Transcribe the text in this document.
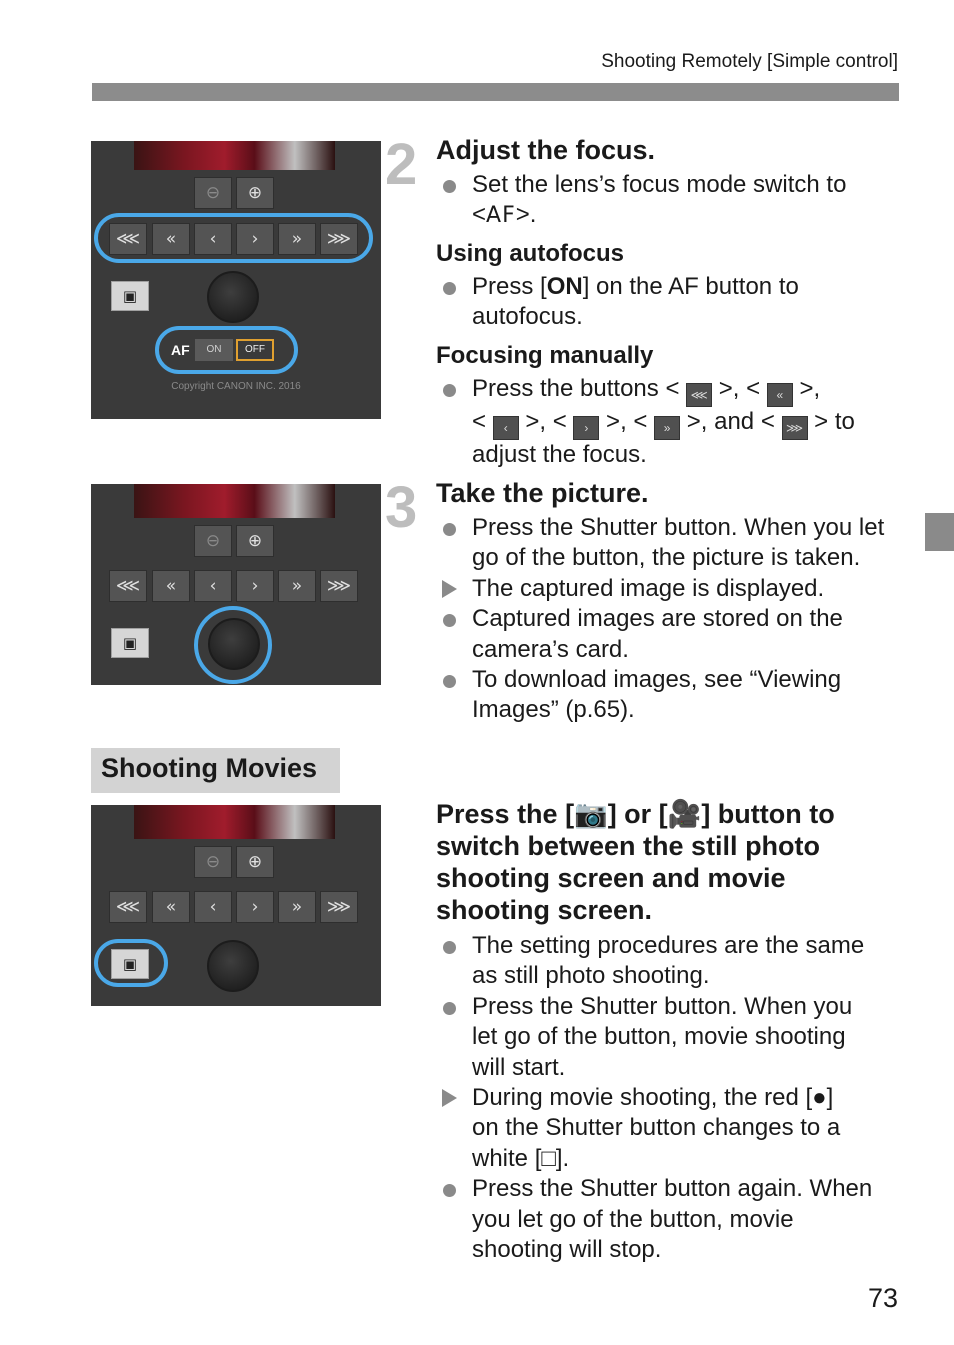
Shooting Remotely [Simple control]
⊖	⊕
⋘	«	‹	›	»	⋙
▣
AF	ON	OFF
Copyright CANON INC. 2016
2 Adjust the focus.
Set the lens’s focus mode switch to
<AF>.
Using autofocus
Press [ON] on the AF button to
autofocus.
Focusing manually
Press the buttons < ⋘ >, < « >,
< ‹ >, < › >, < » >, and < ⋙ > to
adjust the focus.
⊖	⊕
⋘	«	‹	›	»	⋙
▣
3 Take the picture.
Press the Shutter button. When you let
go of the button, the picture is taken.
The captured image is displayed.
Captured images are stored on the
camera’s card.
To download images, see “Viewing
Images” (p.65).
Shooting Movies
⊖	⊕
⋘	«	‹	›	»	⋙
▣
Press the [📷] or [🎥] button to switch between the still photo shooting screen and movie shooting screen.
The setting procedures are the same
as still photo shooting.
Press the Shutter button. When you
let go of the button, movie shooting
will start.
During movie shooting, the red [●]
on the Shutter button changes to a
white [□].
Press the Shutter button again. When
you let go of the button, movie
shooting will stop.
73
